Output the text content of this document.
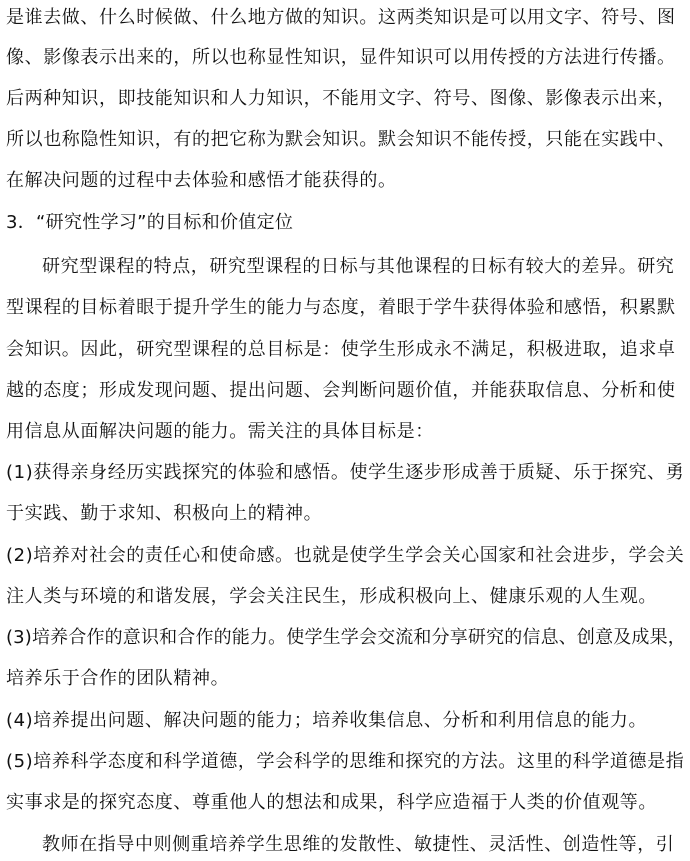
是谁去做、什么时候做、什么地方做的知识。这两类知识是可以用文字、符号、图
像、影像表示出来的，所以也称显性知识，显件知识可以用传授的方法进行传播。
后两种知识，即技能知识和人力知识，不能用文字、符号、图像、影像表示出来，
所以也称隐性知识，有的把它称为默会知识。默会知识不能传授，只能在实践中、
在解决问题的过程中去体验和感悟才能获得的。
3．“研究性学习”的目标和价值定位
研究型课程的特点，研究型课程的日标与其他课程的日标有较大的差异。研究
型课程的目标着眼于提升学生的能力与态度，着眼于学牛获得体验和感悟，积累默
会知识。因此，研究型课程的总目标是：使学生形成永不满足，积极进取，追求卓
越的态度；形成发现问题、提出问题、会判断问题价值，并能获取信息、分析和使
用信息从面解决问题的能力。需关注的具体目标是：
(1)获得亲身经历实践探究的体验和感悟。使学生逐步形成善于质疑、乐于探究、勇
于实践、勤于求知、积极向上的精神。
(2)培养对社会的责任心和使命感。也就是使学生学会关心国家和社会进步，学会关
注人类与环境的和谐发展，学会关注民生，形成积极向上、健康乐观的人生观。
(3)培养合作的意识和合作的能力。使学生学会交流和分享研究的信息、创意及成果，
培养乐于合作的团队精神。
(4)培养提出问题、解决问题的能力；培养收集信息、分析和利用信息的能力。
(5)培养科学态度和科学道德，学会科学的思维和探究的方法。这里的科学道德是指
实事求是的探究态度、尊重他人的想法和成果，科学应造福于人类的价值观等。
教师在指导中则侧重培养学生思维的发散性、敏捷性、灵活性、创造性等，引
